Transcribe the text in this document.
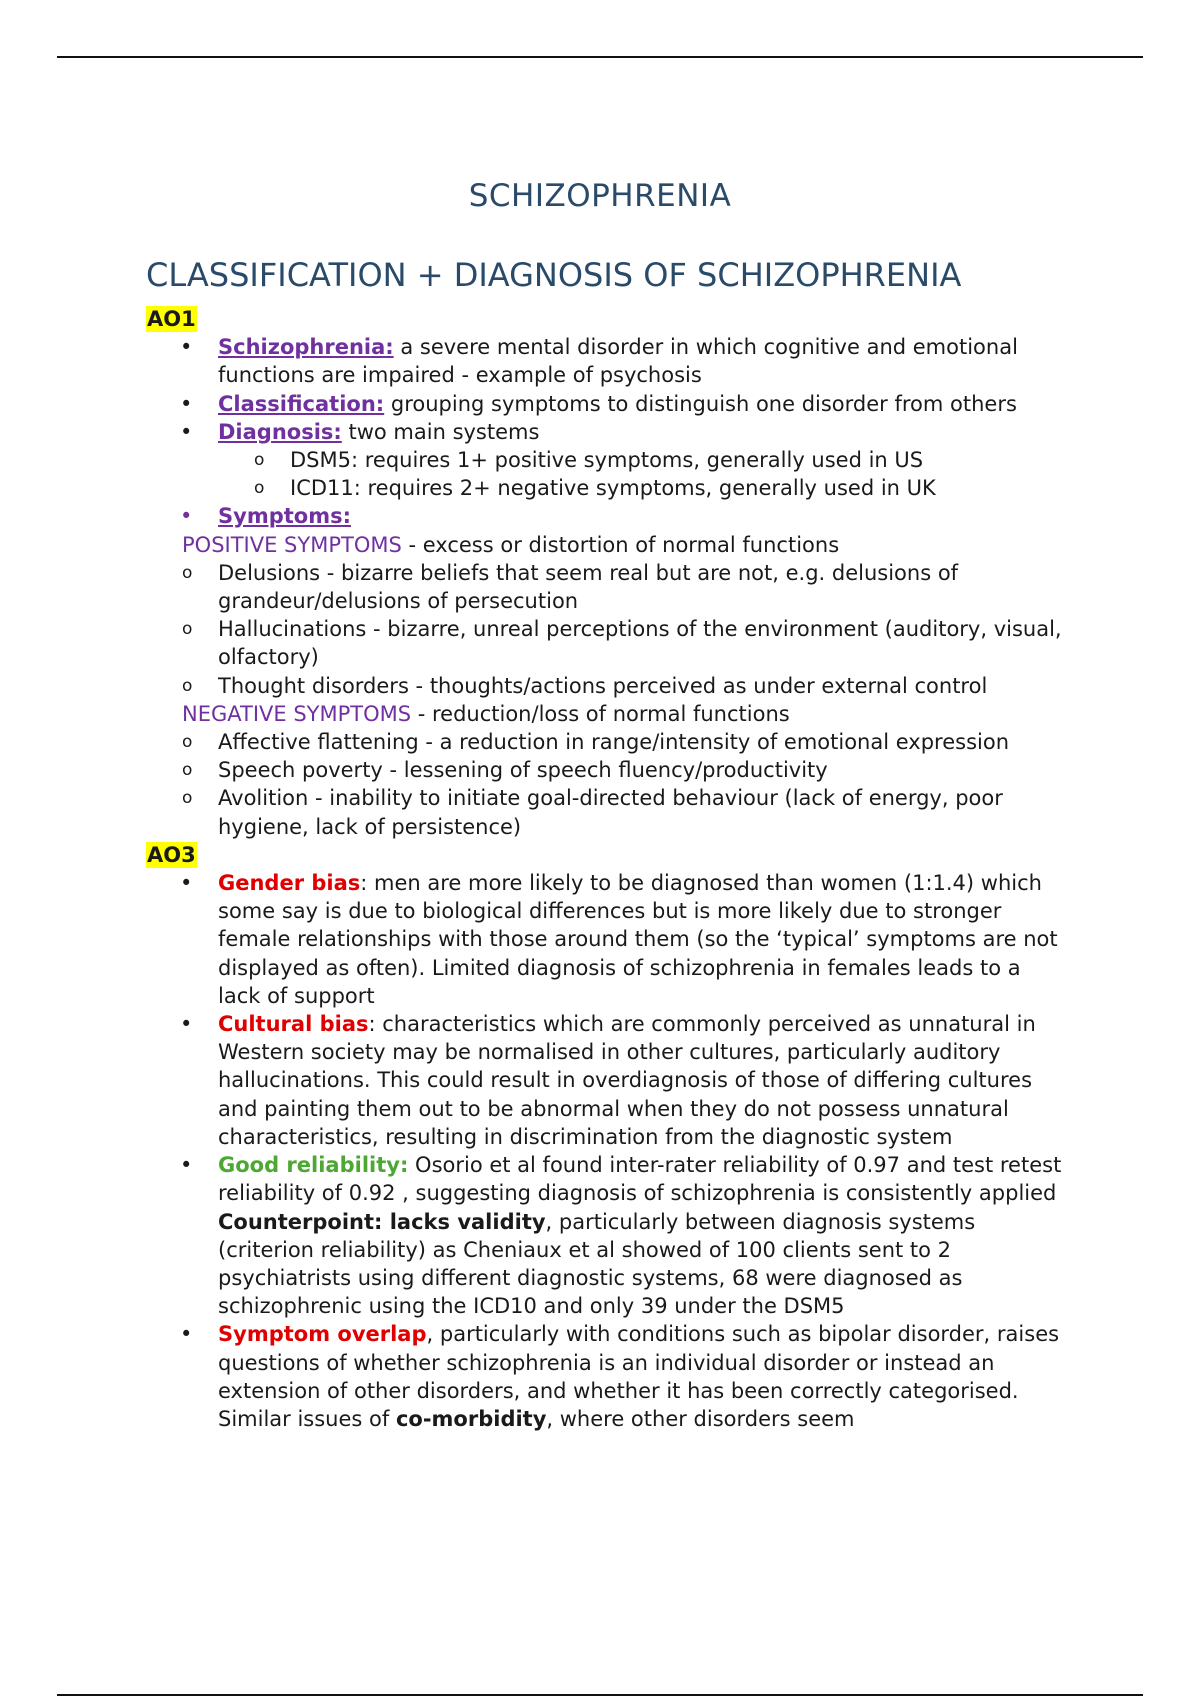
SCHIZOPHRENIA
CLASSIFICATION + DIAGNOSIS OF SCHIZOPHRENIA
AO1
• Schizophrenia: a severe mental disorder in which cognitive and emotional functions are impaired - example of psychosis
• Classification: grouping symptoms to distinguish one disorder from others
• Diagnosis: two main systems
o DSM5: requires 1+ positive symptoms, generally used in US
o ICD11: requires 2+ negative symptoms, generally used in UK
• Symptoms:
POSITIVE SYMPTOMS - excess or distortion of normal functions
o Delusions - bizarre beliefs that seem real but are not, e.g. delusions of grandeur/delusions of persecution
o Hallucinations - bizarre, unreal perceptions of the environment (auditory, visual, olfactory)
o Thought disorders - thoughts/actions perceived as under external control
NEGATIVE SYMPTOMS - reduction/loss of normal functions
o Affective flattening - a reduction in range/intensity of emotional expression
o Speech poverty - lessening of speech fluency/productivity
o Avolition - inability to initiate goal-directed behaviour (lack of energy, poor hygiene, lack of persistence)
AO3
• Gender bias: men are more likely to be diagnosed than women (1:1.4) which some say is due to biological differences but is more likely due to stronger female relationships with those around them (so the ‘typical’ symptoms are not displayed as often). Limited diagnosis of schizophrenia in females leads to a lack of support
• Cultural bias: characteristics which are commonly perceived as unnatural in Western society may be normalised in other cultures, particularly auditory hallucinations. This could result in overdiagnosis of those of differing cultures and painting them out to be abnormal when they do not possess unnatural characteristics, resulting in discrimination from the diagnostic system
• Good reliability: Osorio et al found inter-rater reliability of 0.97 and test retest reliability of 0.92 , suggesting diagnosis of schizophrenia is consistently applied
Counterpoint: lacks validity, particularly between diagnosis systems (criterion reliability) as Cheniaux et al showed of 100 clients sent to 2 psychiatrists using different diagnostic systems, 68 were diagnosed as schizophrenic using the ICD10 and only 39 under the DSM5
• Symptom overlap, particularly with conditions such as bipolar disorder, raises questions of whether schizophrenia is an individual disorder or instead an extension of other disorders, and whether it has been correctly categorised. Similar issues of co-morbidity, where other disorders seem
